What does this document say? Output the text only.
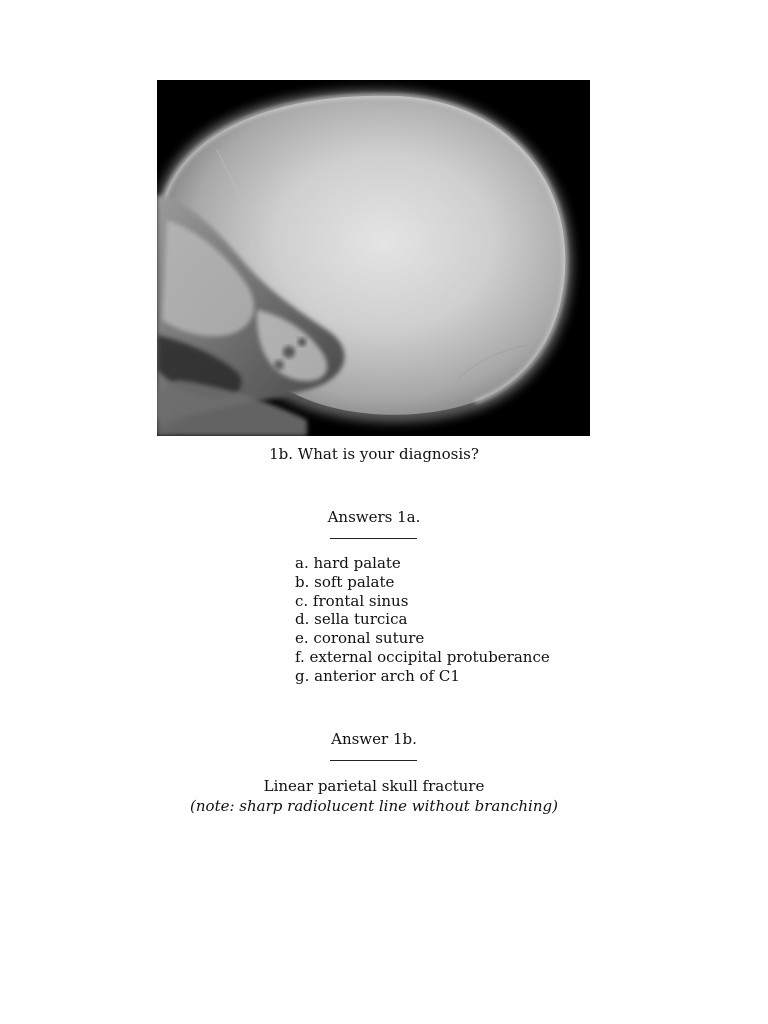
1b. What is your diagnosis?
Answers 1a.
a. hard palate
b. soft palate
c. frontal sinus
d. sella turcica
e. coronal suture
f. external occipital protuberance
g. anterior arch of C1
Answer 1b.
Linear parietal skull fracture
(note: sharp radiolucent line without branching)
